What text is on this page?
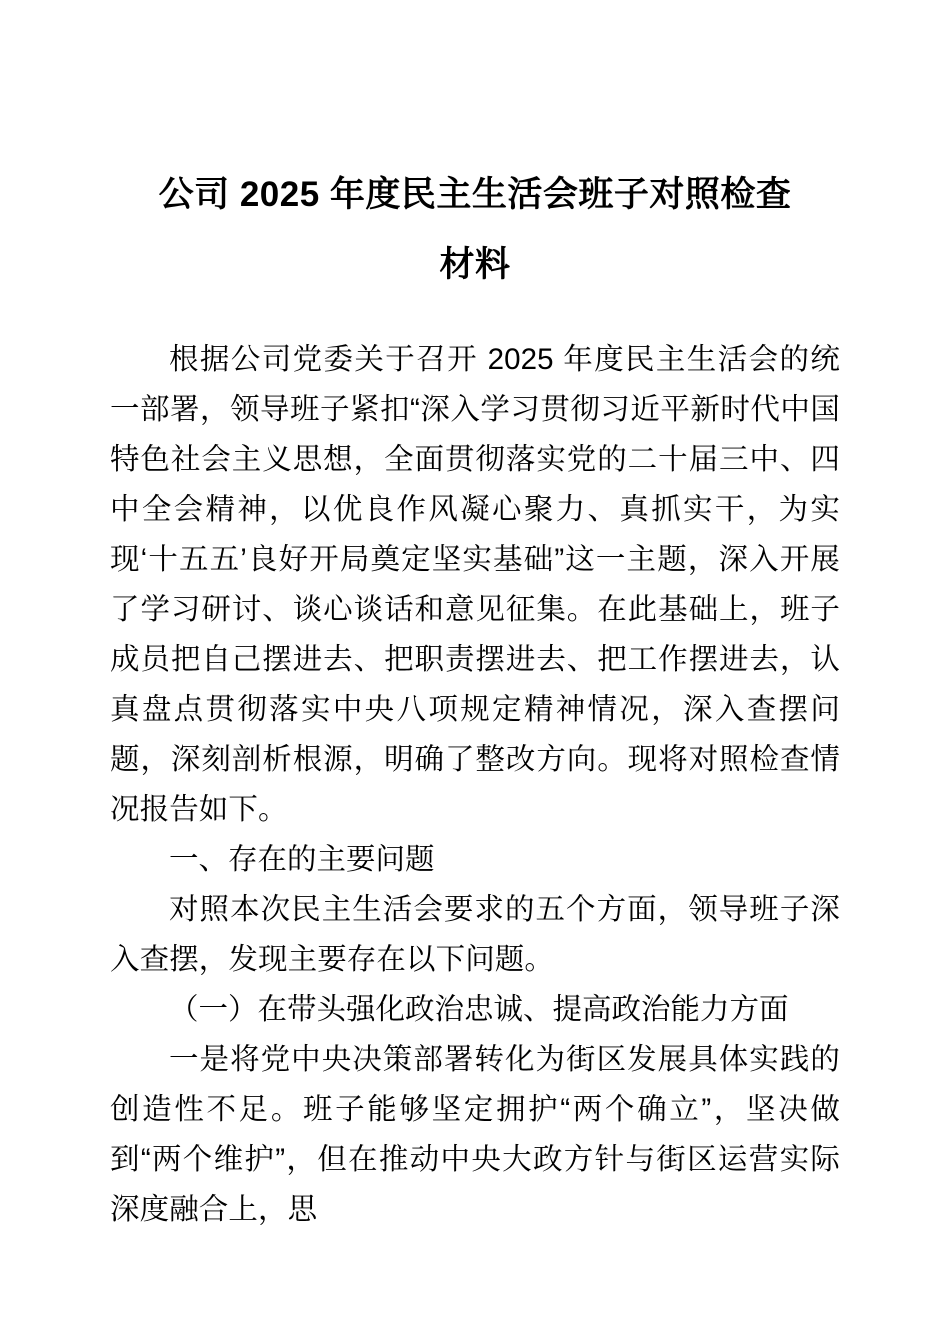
公司 2025 年度民主生活会班子对照检查
材料

根据公司党委关于召开 2025 年度民主生活会的统一部署，领导班子紧扣“深入学习贯彻习近平新时代中国特色社会主义思想，全面贯彻落实党的二十届三中、四中全会精神，以优良作风凝心聚力、真抓实干，为实现‘十五五’良好开局奠定坚实基础”这一主题，深入开展了学习研讨、谈心谈话和意见征集。在此基础上，班子成员把自己摆进去、把职责摆进去、把工作摆进去，认真盘点贯彻落实中央八项规定精神情况，深入查摆问题，深刻剖析根源，明确了整改方向。现将对照检查情况报告如下。

一、存在的主要问题

对照本次民主生活会要求的五个方面，领导班子深入查摆，发现主要存在以下问题。

（一）在带头强化政治忠诚、提高政治能力方面

一是将党中央决策部署转化为街区发展具体实践的创造性不足。班子能够坚定拥护“两个确立”，坚决做到“两个维护”，但在推动中央大政方针与街区运营实际深度融合上，思
